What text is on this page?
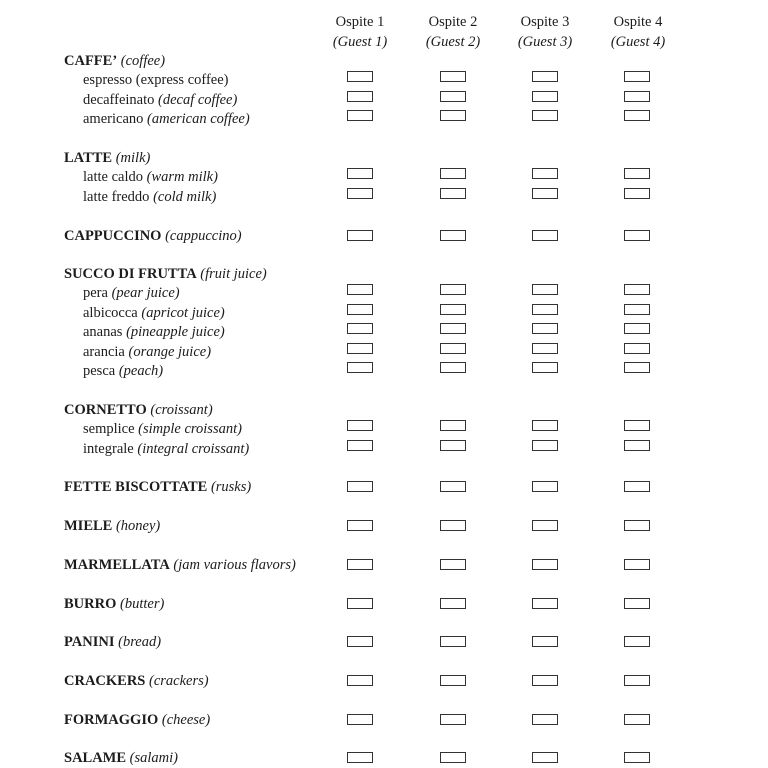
Ospite 1
(Guest 1)
Ospite 2
(Guest 2)
Ospite 3
(Guest 3)
Ospite 4
(Guest 4)
CAFFE’ (coffee)
espresso (express coffee)
decaffeinato (decaf coffee)
americano (american coffee)
LATTE (milk)
latte caldo (warm milk)
latte freddo (cold milk)
CAPPUCCINO (cappuccino)
SUCCO DI FRUTTA (fruit juice)
pera (pear juice)
albicocca (apricot juice)
ananas (pineapple juice)
arancia (orange juice)
pesca (peach)
CORNETTO (croissant)
semplice (simple croissant)
integrale (integral croissant)
FETTE BISCOTTATE (rusks)
MIELE (honey)
MARMELLATA (jam various flavors)
BURRO (butter)
PANINI (bread)
CRACKERS (crackers)
FORMAGGIO (cheese)
SALAME (salami)
